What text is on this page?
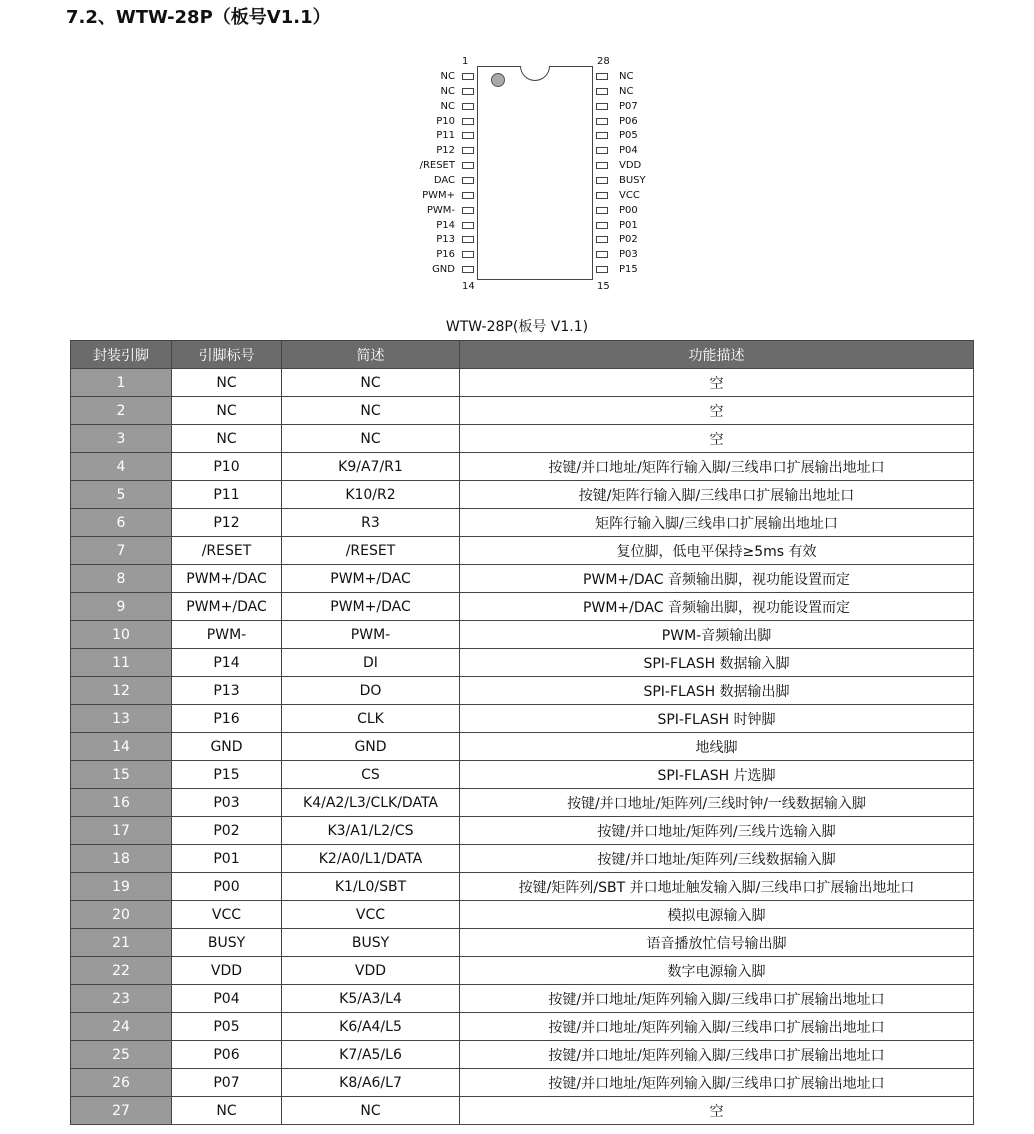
7.2、WTW-28P（板号V1.1）
1	28
14	15
NC
NC
NC
P10
P11
P12
/RESET
DAC
PWM+
PWM-
P14
P13
P16
GND
NC
NC
P07
P06
P05
P04
VDD
BUSY
VCC
P00
P01
P02
P03
P15
WTW-28P(板号 V1.1)
封装引脚	引脚标号	简述	功能描述
1	NC	NC	空
2	NC	NC	空
3	NC	NC	空
4	P10	K9/A7/R1	按键/并口地址/矩阵行输入脚/三线串口扩展输出地址口
5	P11	K10/R2	按键/矩阵行输入脚/三线串口扩展输出地址口
6	P12	R3	矩阵行输入脚/三线串口扩展输出地址口
7	/RESET	/RESET	复位脚，低电平保持≥5ms 有效
8	PWM+/DAC	PWM+/DAC	PWM+/DAC 音频输出脚，视功能设置而定
9	PWM+/DAC	PWM+/DAC	PWM+/DAC 音频输出脚，视功能设置而定
10	PWM-	PWM-	PWM-音频输出脚
11	P14	DI	SPI-FLASH 数据输入脚
12	P13	DO	SPI-FLASH 数据输出脚
13	P16	CLK	SPI-FLASH 时钟脚
14	GND	GND	地线脚
15	P15	CS	SPI-FLASH 片选脚
16	P03	K4/A2/L3/CLK/DATA	按键/并口地址/矩阵列/三线时钟/一线数据输入脚
17	P02	K3/A1/L2/CS	按键/并口地址/矩阵列/三线片选输入脚
18	P01	K2/A0/L1/DATA	按键/并口地址/矩阵列/三线数据输入脚
19	P00	K1/L0/SBT	按键/矩阵列/SBT 并口地址触发输入脚/三线串口扩展输出地址口
20	VCC	VCC	模拟电源输入脚
21	BUSY	BUSY	语音播放忙信号输出脚
22	VDD	VDD	数字电源输入脚
23	P04	K5/A3/L4	按键/并口地址/矩阵列输入脚/三线串口扩展输出地址口
24	P05	K6/A4/L5	按键/并口地址/矩阵列输入脚/三线串口扩展输出地址口
25	P06	K7/A5/L6	按键/并口地址/矩阵列输入脚/三线串口扩展输出地址口
26	P07	K8/A6/L7	按键/并口地址/矩阵列输入脚/三线串口扩展输出地址口
27	NC	NC	空
